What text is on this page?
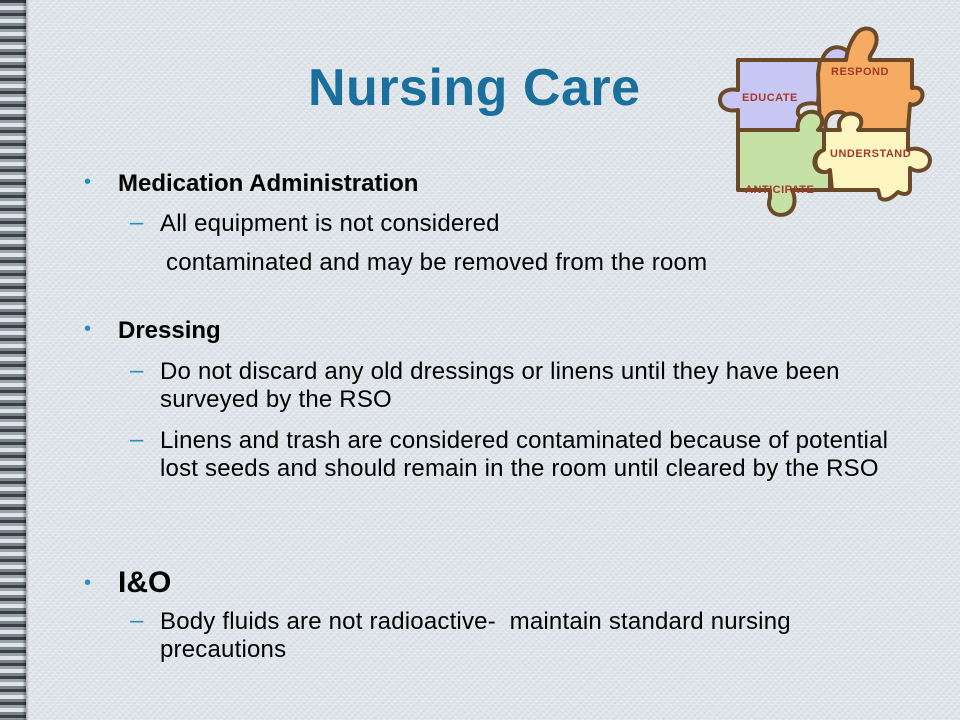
Nursing Care	RESPOND
EDUCATE
UNDERSTAND
ANTICIPATE
• Medication Administration

– All equipment is not considered

contaminated and may be removed from the room

• Dressing

– Do not discard any old dressings or linens until they have been surveyed by the RSO

– Linens and trash are considered contaminated because of potential lost seeds and should remain in the room until cleared by the RSO

• I&O

– Body fluids are not radioactive-  maintain standard nursing precautions
